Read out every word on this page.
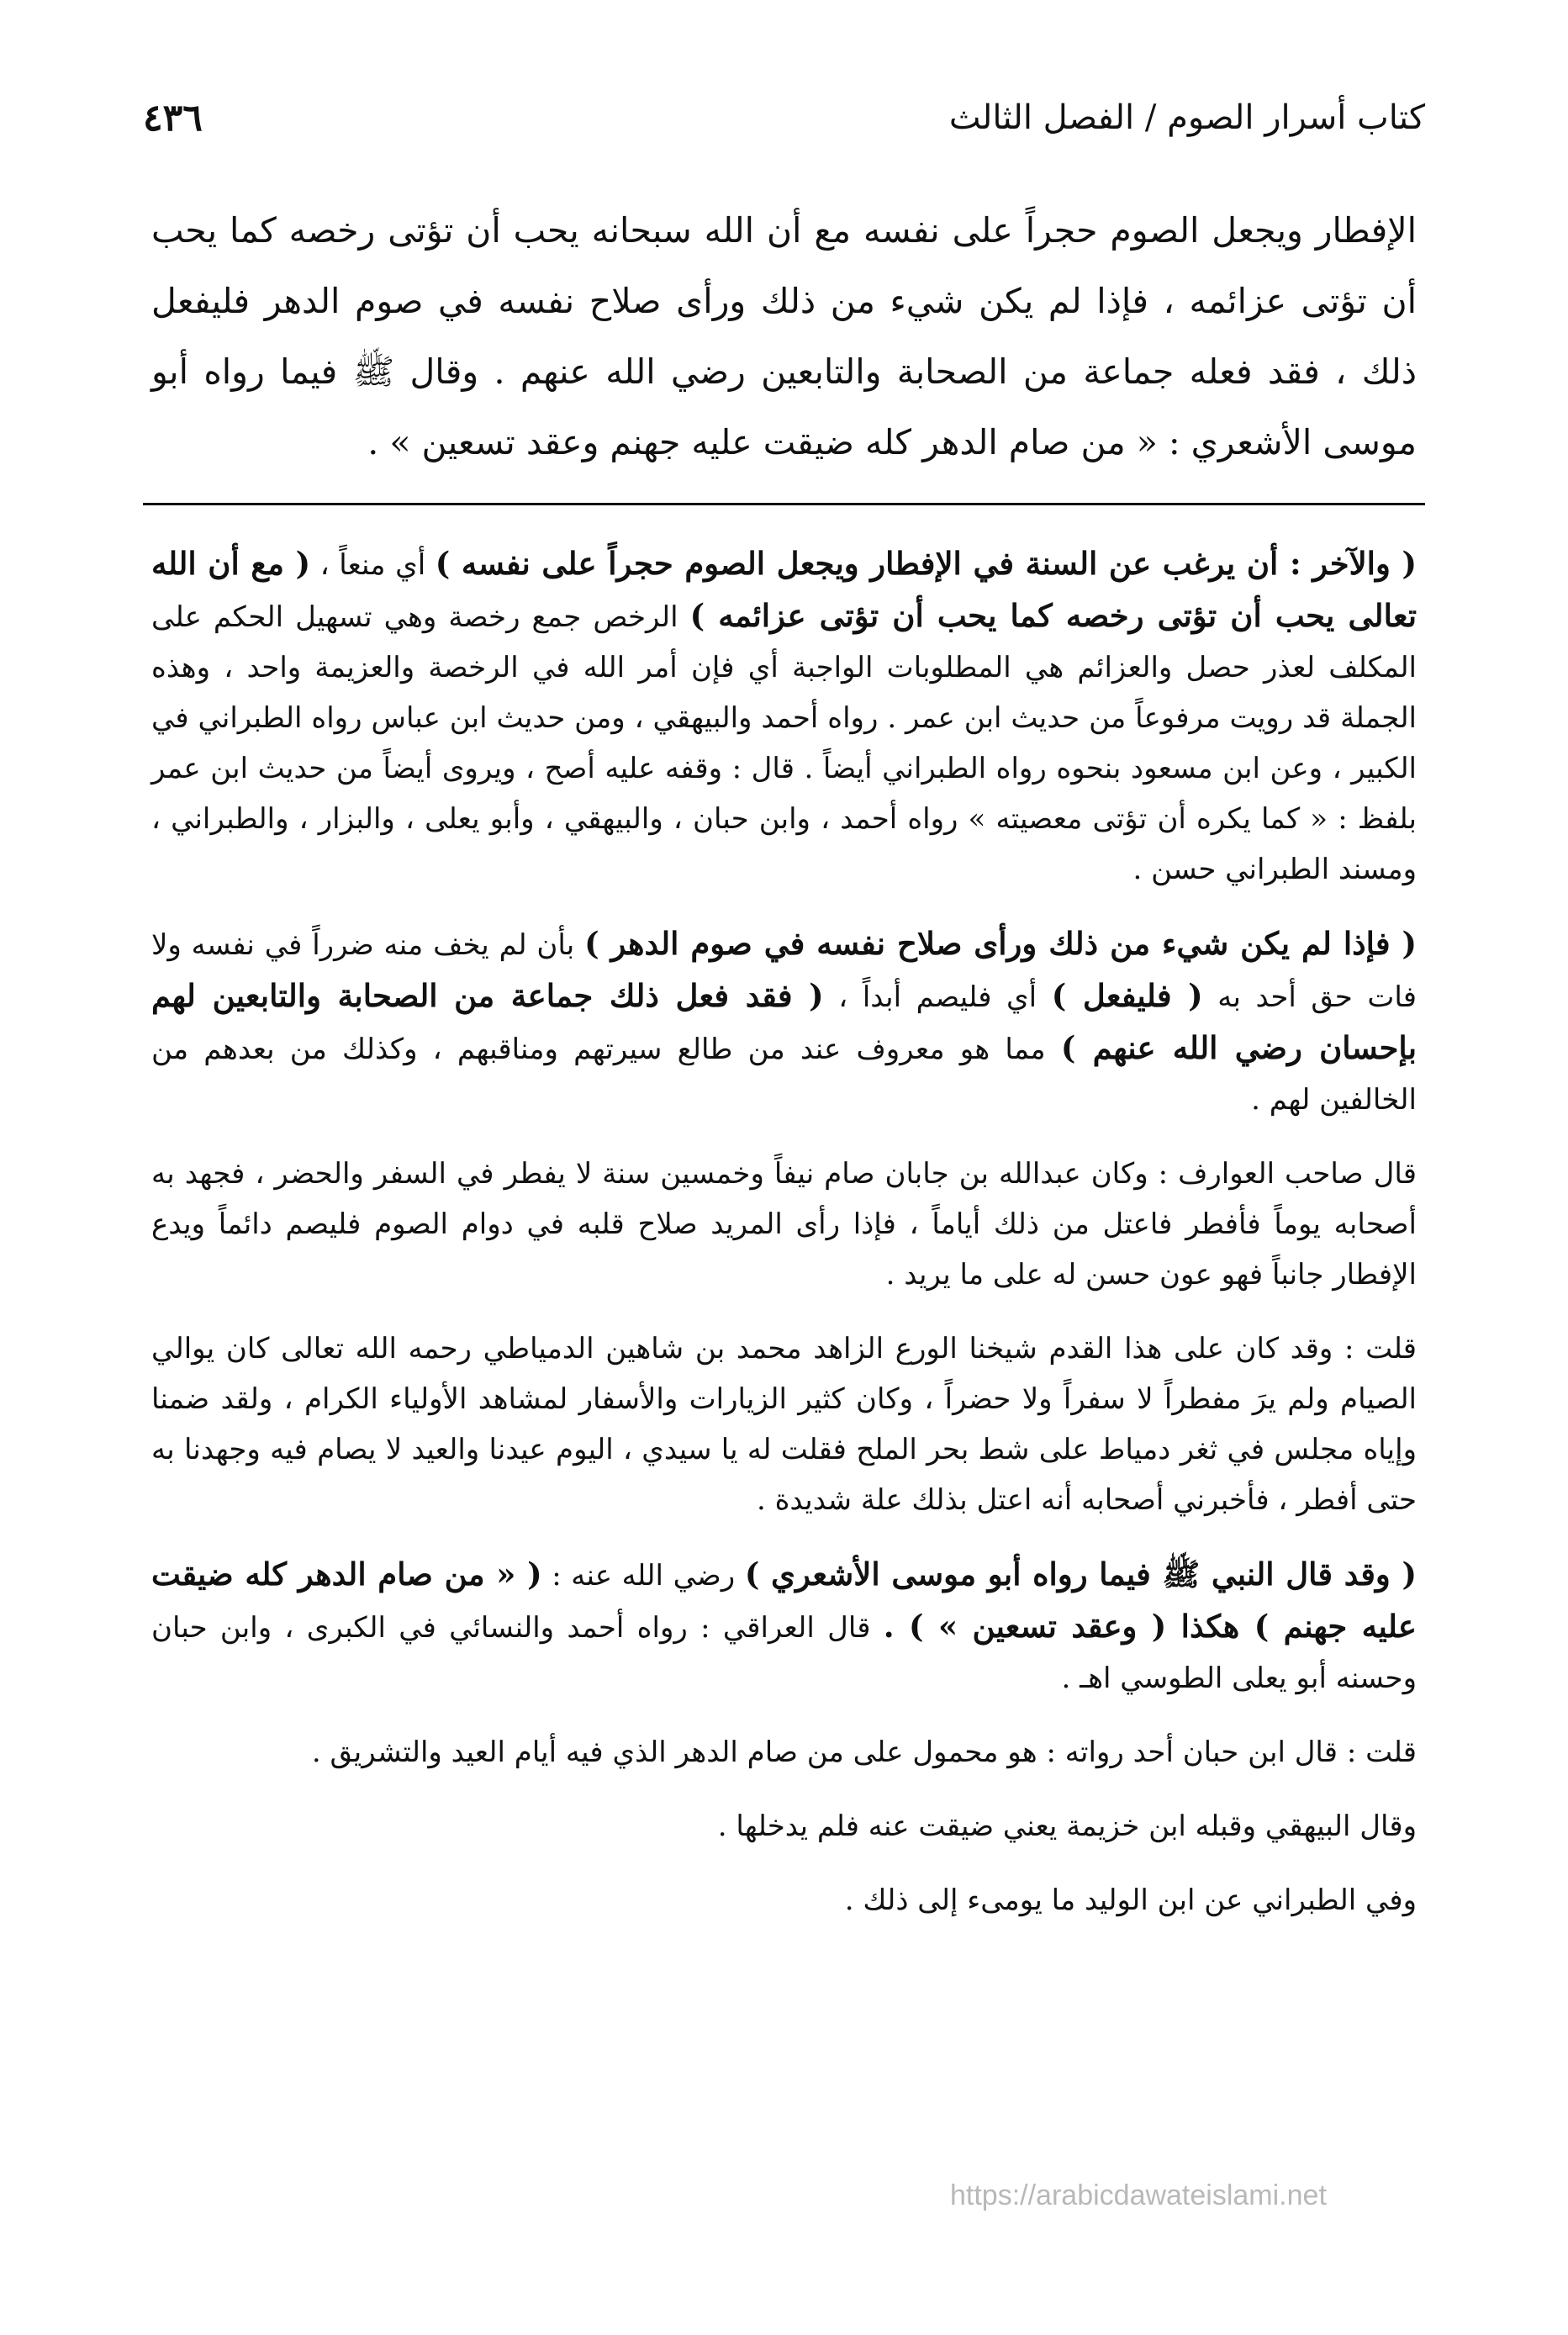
كتاب أسرار الصوم / الفصل الثالث
٤٣٦

الإفطار ويجعل الصوم حجراً على نفسه مع أن الله سبحانه يحب أن تؤتى رخصه كما يحب أن تؤتى عزائمه ، فإذا لم يكن شيء من ذلك ورأى صلاح نفسه في صوم الدهر فليفعل ذلك ، فقد فعله جماعة من الصحابة والتابعين رضي الله عنهم . وقال ﷺ فيما رواه أبو موسى الأشعري : « من صام الدهر كله ضيقت عليه جهنم وعقد تسعين » .

( والآخر : أن يرغب عن السنة في الإفطار ويجعل الصوم حجراً على نفسه ) أي منعاً ، ( مع أن الله تعالى يحب أن تؤتى رخصه كما يحب أن تؤتى عزائمه ) الرخص جمع رخصة وهي تسهيل الحكم على المكلف لعذر حصل والعزائم هي المطلوبات الواجبة أي فإن أمر الله في الرخصة والعزيمة واحد ، وهذه الجملة قد رويت مرفوعاً من حديث ابن عمر . رواه أحمد والبيهقي ، ومن حديث ابن عباس رواه الطبراني في الكبير ، وعن ابن مسعود بنحوه رواه الطبراني أيضاً . قال : وقفه عليه أصح ، ويروى أيضاً من حديث ابن عمر بلفظ : « كما يكره أن تؤتى معصيته » رواه أحمد ، وابن حبان ، والبيهقي ، وأبو يعلى ، والبزار ، والطبراني ، ومسند الطبراني حسن .

( فإذا لم يكن شيء من ذلك ورأى صلاح نفسه في صوم الدهر ) بأن لم يخف منه ضرراً في نفسه ولا فات حق أحد به ( فليفعل ) أي فليصم أبداً ، ( فقد فعل ذلك جماعة من الصحابة والتابعين لهم بإحسان رضي الله عنهم ) مما هو معروف عند من طالع سيرتهم ومناقبهم ، وكذلك من بعدهم من الخالفين لهم .

قال صاحب العوارف : وكان عبدالله بن جابان صام نيفاً وخمسين سنة لا يفطر في السفر والحضر ، فجهد به أصحابه يوماً فأفطر فاعتل من ذلك أياماً ، فإذا رأى المريد صلاح قلبه في دوام الصوم فليصم دائماً ويدع الإفطار جانباً فهو عون حسن له على ما يريد .

قلت : وقد كان على هذا القدم شيخنا الورع الزاهد محمد بن شاهين الدمياطي رحمه الله تعالى كان يوالي الصيام ولم يرَ مفطراً لا سفراً ولا حضراً ، وكان كثير الزيارات والأسفار لمشاهد الأولياء الكرام ، ولقد ضمنا وإياه مجلس في ثغر دمياط على شط بحر الملح فقلت له يا سيدي ، اليوم عيدنا والعيد لا يصام فيه وجهدنا به حتى أفطر ، فأخبرني أصحابه أنه اعتل بذلك علة شديدة .

( وقد قال النبي ﷺ فيما رواه أبو موسى الأشعري ) رضي الله عنه : ( « من صام الدهر كله ضيقت عليه جهنم ) هكذا ( وعقد تسعين » ) . قال العراقي : رواه أحمد والنسائي في الكبرى ، وابن حبان وحسنه أبو يعلى الطوسي اهـ .

قلت : قال ابن حبان أحد رواته : هو محمول على من صام الدهر الذي فيه أيام العيد والتشريق .

وقال البيهقي وقبله ابن خزيمة يعني ضيقت عنه فلم يدخلها .

وفي الطبراني عن ابن الوليد ما يومىء إلى ذلك .

https://arabicdawateislami.net
